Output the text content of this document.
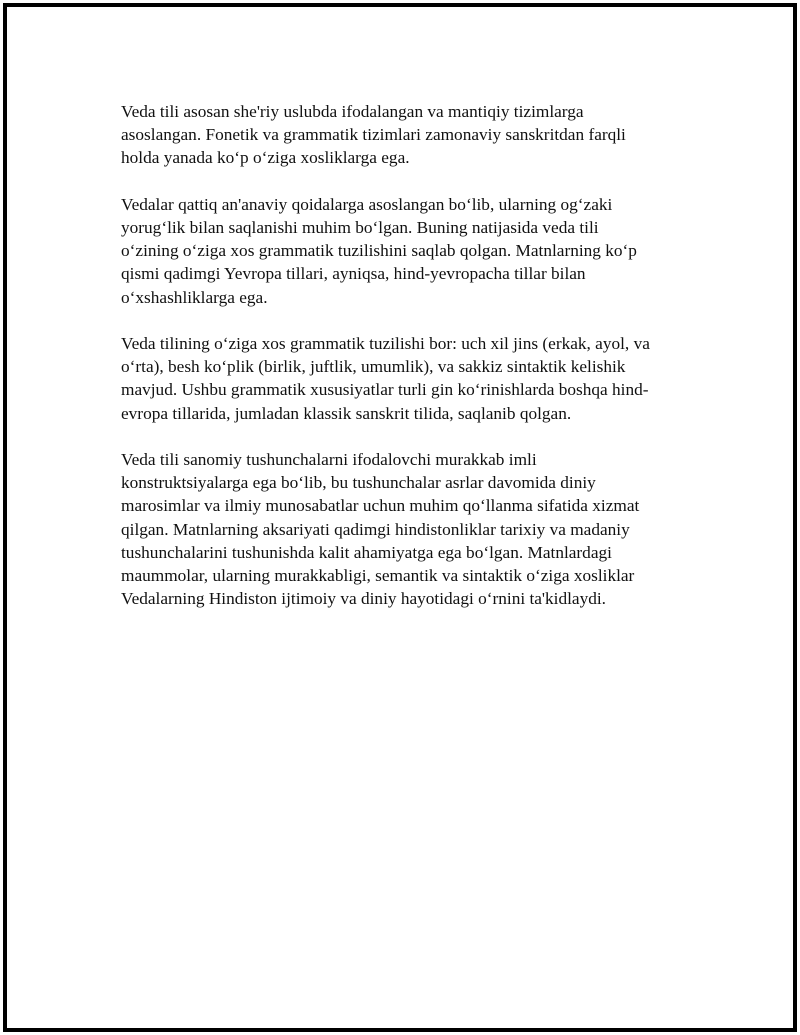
Veda tili asosan she'riy uslubda ifodalangan va mantiqiy tizimlarga
asoslangan. Fonetik va grammatik tizimlari zamonaviy sanskritdan farqli
holda yanada ko‘p o‘ziga xosliklarga ega.

Vedalar qattiq an'anaviy qoidalarga asoslangan bo‘lib, ularning og‘zaki
yorug‘lik bilan saqlanishi muhim bo‘lgan. Buning natijasida veda tili
o‘zining o‘ziga xos grammatik tuzilishini saqlab qolgan. Matnlarning ko‘p
qismi qadimgi Yevropa tillari, ayniqsa, hind-yevropacha tillar bilan
o‘xshashliklarga ega.

Veda tilining o‘ziga xos grammatik tuzilishi bor: uch xil jins (erkak, ayol, va
o‘rta), besh ko‘plik (birlik, juftlik, umumlik), va sakkiz sintaktik kelishik
mavjud. Ushbu grammatik xususiyatlar turli gin ko‘rinishlarda boshqa hind-
evropa tillarida, jumladan klassik sanskrit tilida, saqlanib qolgan.

Veda tili sanomiy tushunchalarni ifodalovchi murakkab imli
konstruktsiyalarga ega bo‘lib, bu tushunchalar asrlar davomida diniy
marosimlar va ilmiy munosabatlar uchun muhim qo‘llanma sifatida xizmat
qilgan. Matnlarning aksariyati qadimgi hindistonliklar tarixiy va madaniy
tushunchalarini tushunishda kalit ahamiyatga ega bo‘lgan. Matnlardagi
maummolar, ularning murakkabligi, semantik va sintaktik o‘ziga xosliklar
Vedalarning Hindiston ijtimoiy va diniy hayotidagi o‘rnini ta'kidlaydi.
